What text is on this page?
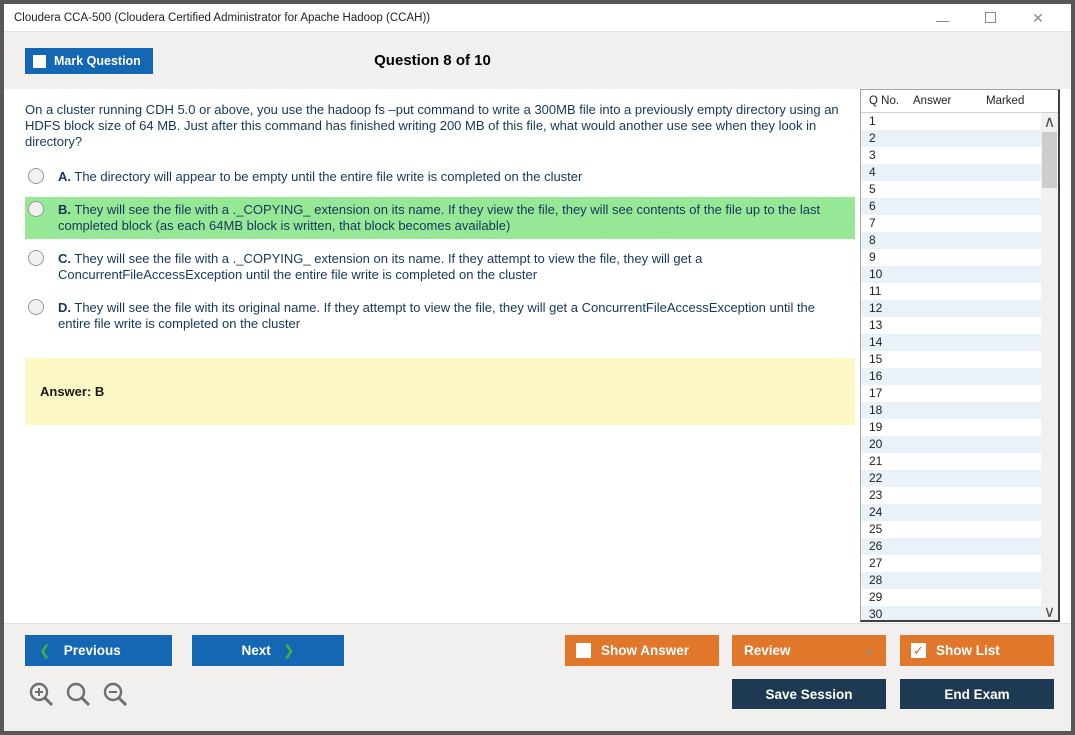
Cloudera CCA-500 (Cloudera Certified Administrator for Apache Hadoop (CCAH))	✕
Mark Question	Question 8 of 10
On a cluster running CDH 5.0 or above, you use the hadoop fs –put command to write a 300MB file into a previously empty directory using an HDFS block size of 64 MB. Just after this command has finished writing 200 MB of this file, what would another use see when they look in directory?
A. The directory will appear to be empty until the entire file write is completed on the cluster
B. They will see the file with a ._COPYING_ extension on its name. If they view the file, they will see contents of the file up to the last completed block (as each 64MB block is written, that block becomes available)
C. They will see the file with a ._COPYING_ extension on its name. If they attempt to view the file, they will get a ConcurrentFileAccessException until the entire file write is completed on the cluster
D. They will see the file with its original name. If they attempt to view the file, they will get a ConcurrentFileAccessException until the entire file write is completed on the cluster
Answer: B
Q No.	Answer	Marked
1
2
3
4
5
6
7
8
9
10
11
12
13
14
15
16
17
18
19
20
21
22
23
24
25
26
27
28
29
30
∧
∨
❮ Previous	Next ❯	Show Answer	Review	▲	✓ Show List
Save Session	End Exam
